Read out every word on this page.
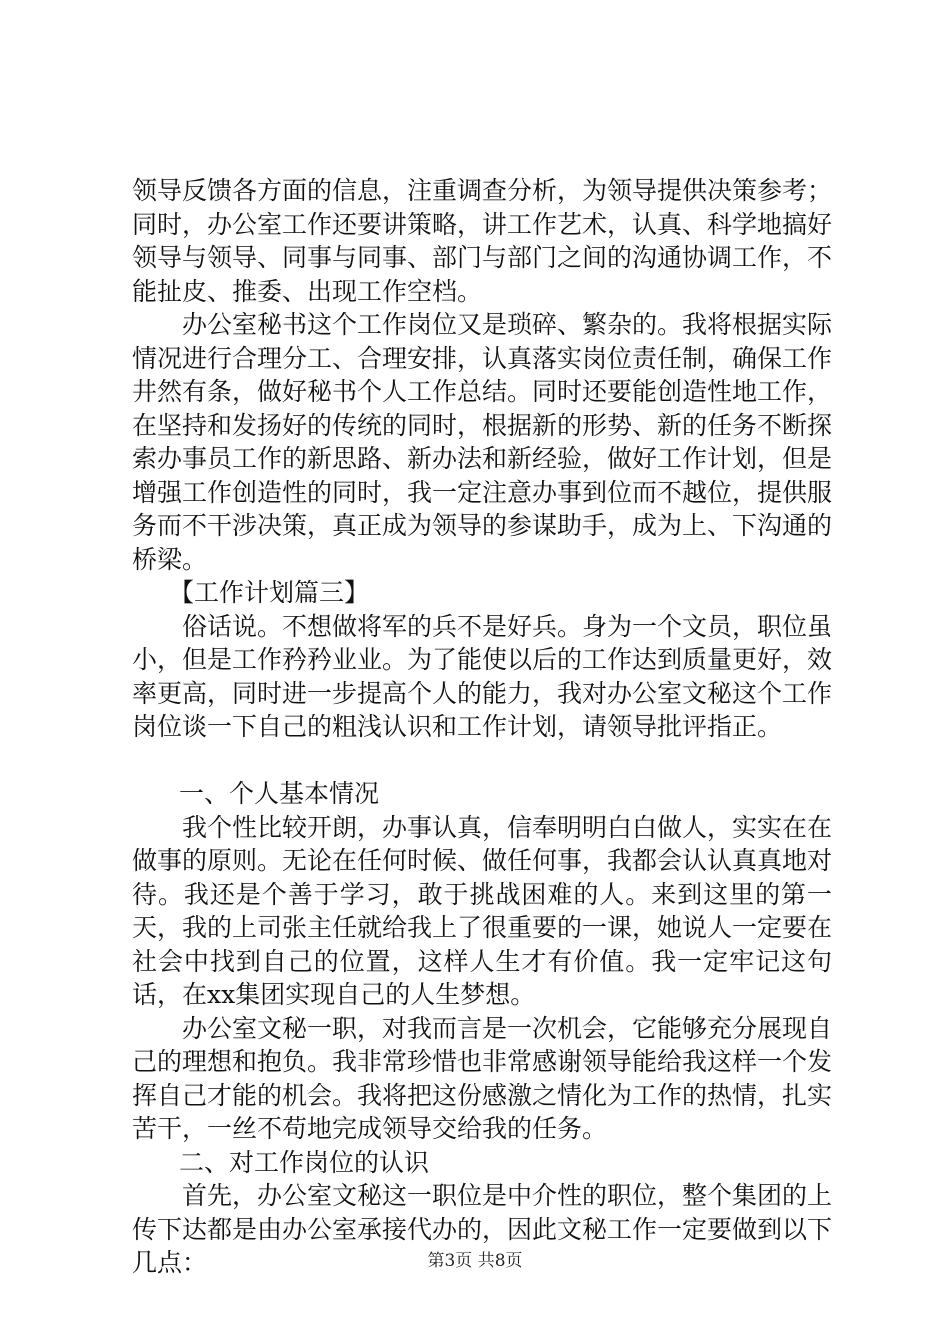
领导反馈各方面的信息，注重调查分析，为领导提供决策参考；同时，办公室工作还要讲策略，讲工作艺术，认真、科学地搞好领导与领导、同事与同事、部门与部门之间的沟通协调工作，不能扯皮、推委、出现工作空档。

办公室秘书这个工作岗位又是琐碎、繁杂的。我将根据实际情况进行合理分工、合理安排，认真落实岗位责任制，确保工作井然有条，做好秘书个人工作总结。同时还要能创造性地工作，在坚持和发扬好的传统的同时，根据新的形势、新的任务不断探索办事员工作的新思路、新办法和新经验，做好工作计划，但是增强工作创造性的同时，我一定注意办事到位而不越位，提供服务而不干涉决策，真正成为领导的参谋助手，成为上、下沟通的桥梁。

【工作计划篇三】

俗话说。不想做将军的兵不是好兵。身为一个文员，职位虽小，但是工作矜矜业业。为了能使以后的工作达到质量更好，效率更高，同时进一步提高个人的能力，我对办公室文秘这个工作岗位谈一下自己的粗浅认识和工作计划，请领导批评指正。

一、个人基本情况

我个性比较开朗，办事认真，信奉明明白白做人，实实在在做事的原则。无论在任何时候、做任何事，我都会认认真真地对待。我还是个善于学习，敢于挑战困难的人。来到这里的第一天，我的上司张主任就给我上了很重要的一课，她说人一定要在社会中找到自己的位置，这样人生才有价值。我一定牢记这句话，在xx集团实现自己的人生梦想。

办公室文秘一职，对我而言是一次机会，它能够充分展现自己的理想和抱负。我非常珍惜也非常感谢领导能给我这样一个发挥自己才能的机会。我将把这份感激之情化为工作的热情，扎实苦干，一丝不苟地完成领导交给我的任务。

二、对工作岗位的认识

首先，办公室文秘这一职位是中介性的职位，整个集团的上传下达都是由办公室承接代办的，因此文秘工作一定要做到以下几点：	第3页 共8页
